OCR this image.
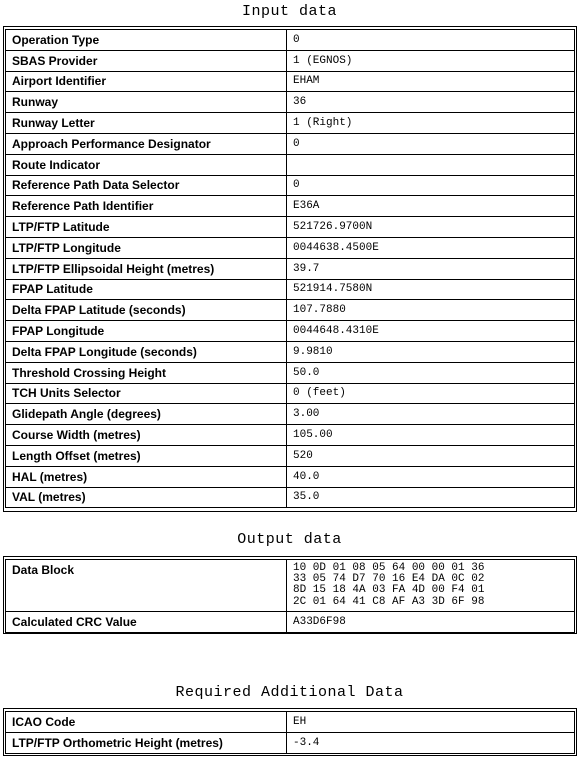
Input data
Operation Type	0
SBAS Provider	1 (EGNOS)
Airport Identifier	EHAM
Runway	36
Runway Letter	1 (Right)
Approach Performance Designator	0
Route Indicator	
Reference Path Data Selector	0
Reference Path Identifier	E36A
LTP/FTP Latitude	521726.9700N
LTP/FTP Longitude	0044638.4500E
LTP/FTP Ellipsoidal Height (metres)	39.7
FPAP Latitude	521914.7580N
Delta FPAP Latitude (seconds)	107.7880
FPAP Longitude	0044648.4310E
Delta FPAP Longitude (seconds)	9.9810
Threshold Crossing Height	50.0
TCH Units Selector	0 (feet)
Glidepath Angle (degrees)	3.00
Course Width (metres)	105.00
Length Offset (metres)	520
HAL (metres)	40.0
VAL (metres)	35.0
Output data
Data Block	10 0D 01 08 05 64 00 00 01 36
33 05 74 D7 70 16 E4 DA 0C 02
8D 15 18 4A 03 FA 4D 00 F4 01
2C 01 64 41 C8 AF A3 3D 6F 98

Calculated CRC Value	A33D6F98
Required Additional Data
ICAO Code	EH
LTP/FTP Orthometric Height (metres)	-3.4
